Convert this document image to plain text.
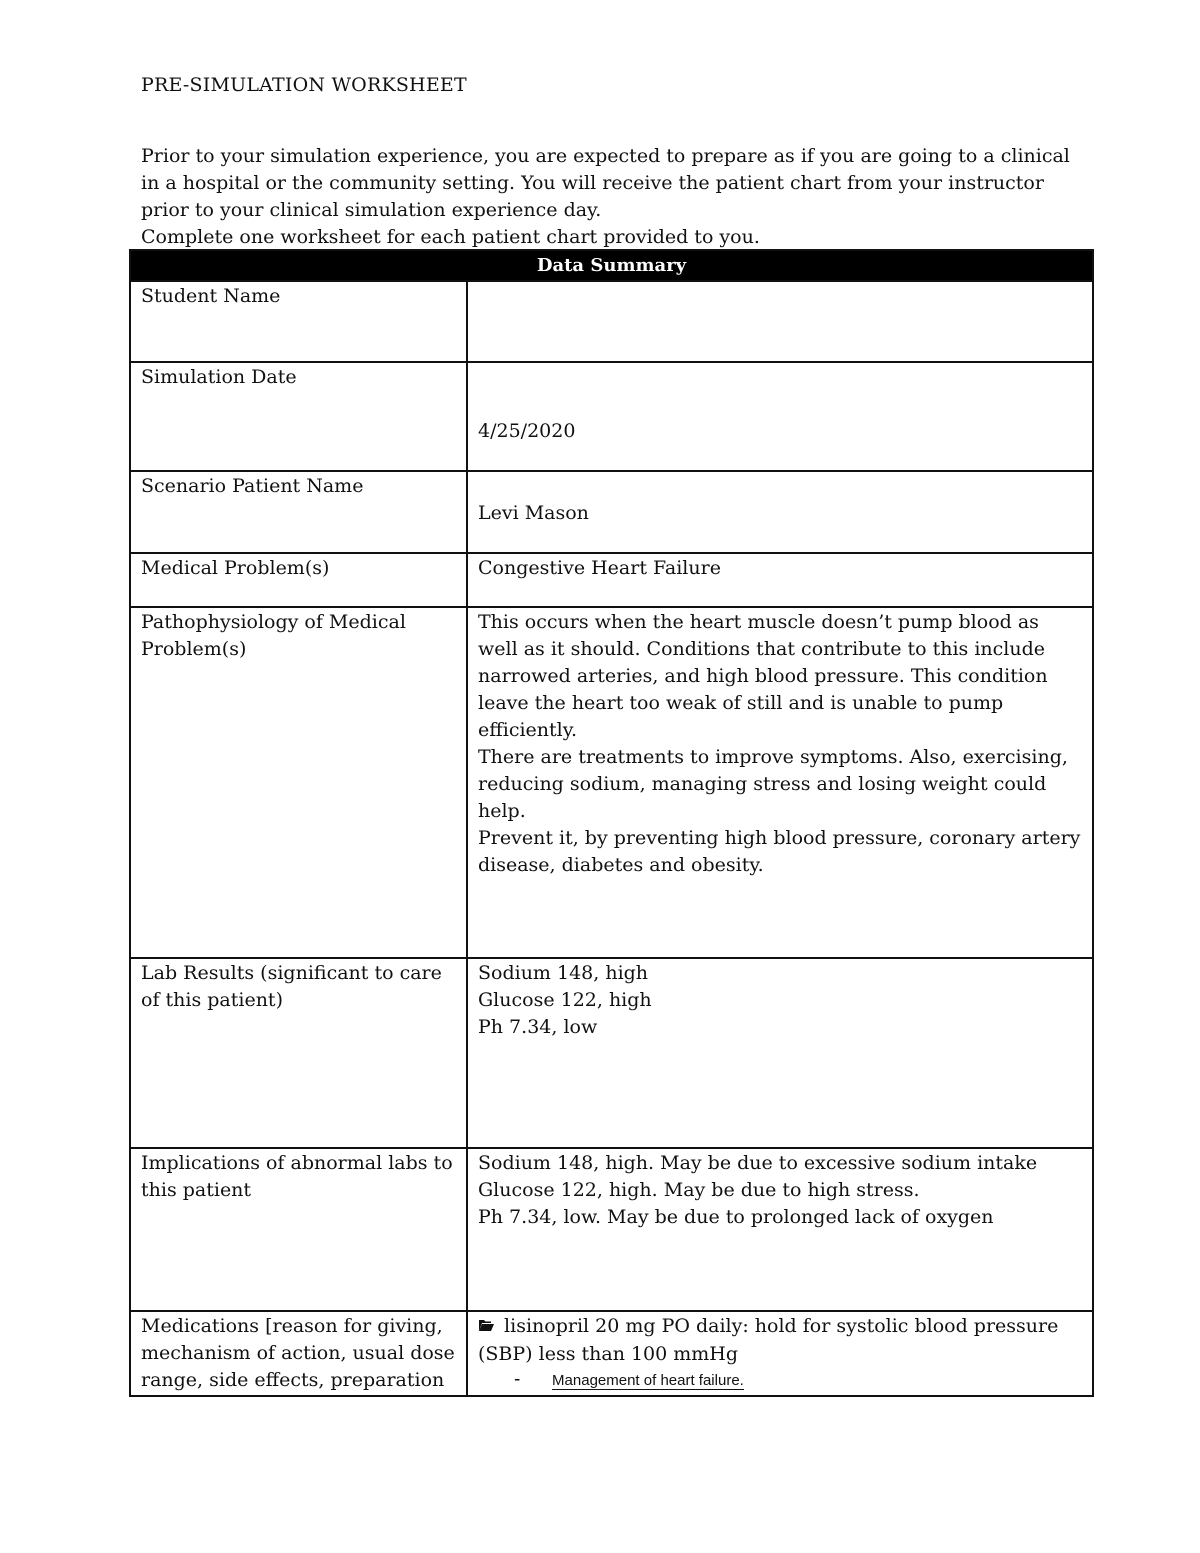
PRE-SIMULATION WORKSHEET
Prior to your simulation experience, you are expected to prepare as if you are going to a clinical
in a hospital or the community setting. You will receive the patient chart from your instructor
prior to your clinical simulation experience day.
Complete one worksheet for each patient chart provided to you.
Data Summary	
Student Name	
Simulation Date	4/25/2020
Scenario Patient Name	Levi Mason
Medical Problem(s)	Congestive Heart Failure
Pathophysiology of Medical Problem(s)	This occurs when the heart muscle doesn’t pump blood as well as it should. Conditions that contribute to this include narrowed arteries, and high blood pressure. This condition leave the heart too weak of still and is unable to pump efficiently.
There are treatments to improve symptoms. Also, exercising, reducing sodium, managing stress and losing weight could help.
Prevent it, by preventing high blood pressure, coronary artery disease, diabetes and obesity.

Lab Results (significant to care of this patient)	Sodium 148, high
Glucose 122, high
Ph 7.34, low

Implications of abnormal labs to this patient	Sodium 148, high. May be due to excessive sodium intake
Glucose 122, high. May be due to high stress.
Ph 7.34, low. May be due to prolonged lack of oxygen

Medications [reason for giving, mechanism of action, usual dose range, side effects, preparation	lisinopril 20 mg PO daily: hold for systolic blood pressure (SBP) less than 100 mmHg
- Management of heart failure.
